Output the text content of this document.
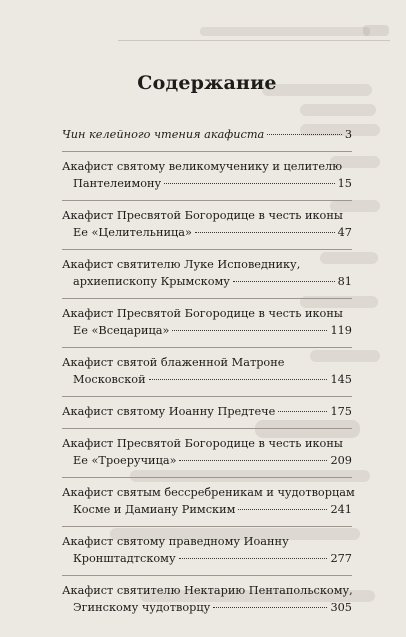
Содержание
Чин келейного чтения акафиста	3
Акафист святому великомученику и целителю
Пантелеимону	15
Акафист Пресвятой Богородице в честь иконы
Ее «Целительница»	47
Акафист святителю Луке Исповеднику,
архиепископу Крымскому	81
Акафист Пресвятой Богородице в честь иконы
Ее «Всецарица»	119
Акафист святой блаженной Матроне
Московской	145
Акафист святому Иоанну Предтече	175
Акафист Пресвятой Богородице в честь иконы
Ее «Троеручица»	209
Акафист святым бессребреникам и чудотворцам
Косме и Дамиану Римским	241
Акафист святому праведному Иоанну
Кронштадтскому	277
Акафист святителю Нектарию Пентапольскому,
Эгинскому чудотворцу	305
